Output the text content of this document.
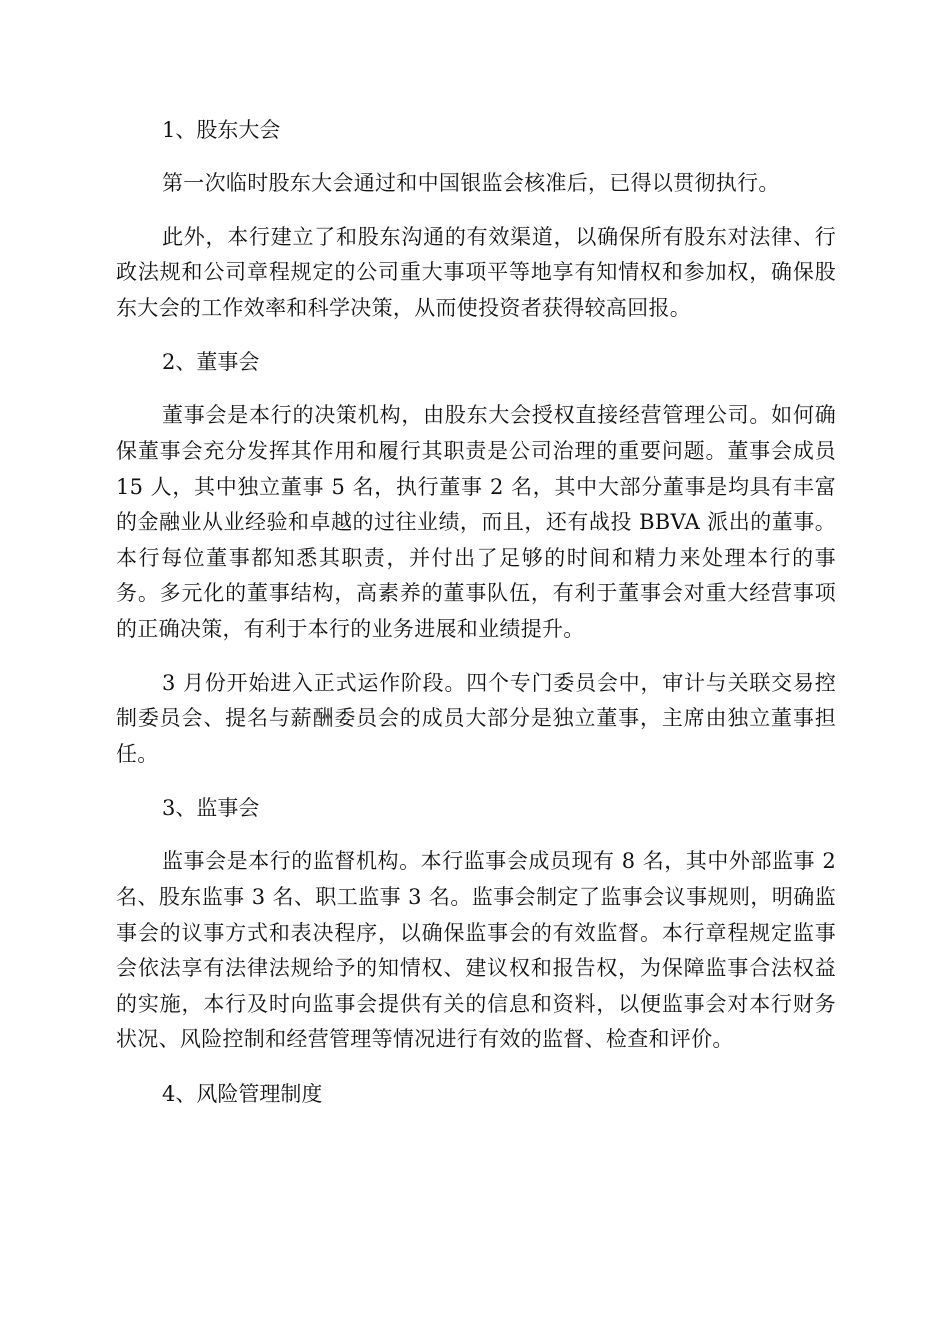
1、股东大会

第一次临时股东大会通过和中国银监会核准后，已得以贯彻执行。

此外，本行建立了和股东沟通的有效渠道，以确保所有股东对法律、行政法规和公司章程规定的公司重大事项平等地享有知情权和参加权，确保股东大会的工作效率和科学决策，从而使投资者获得较高回报。

2、董事会

董事会是本行的决策机构，由股东大会授权直接经营管理公司。如何确保董事会充分发挥其作用和履行其职责是公司治理的重要问题。董事会成员 15 人，其中独立董事 5 名，执行董事 2 名，其中大部分董事是均具有丰富的金融业从业经验和卓越的过往业绩，而且，还有战投 BBVA 派出的董事。本行每位董事都知悉其职责，并付出了足够的时间和精力来处理本行的事务。多元化的董事结构，高素养的董事队伍，有利于董事会对重大经营事项的正确决策，有利于本行的业务进展和业绩提升。

3 月份开始进入正式运作阶段。四个专门委员会中，审计与关联交易控制委员会、提名与薪酬委员会的成员大部分是独立董事，主席由独立董事担任。

3、监事会

监事会是本行的监督机构。本行监事会成员现有 8 名，其中外部监事 2 名、股东监事 3 名、职工监事 3 名。监事会制定了监事会议事规则，明确监事会的议事方式和表决程序，以确保监事会的有效监督。本行章程规定监事会依法享有法律法规给予的知情权、建议权和报告权，为保障监事合法权益的实施，本行及时向监事会提供有关的信息和资料，以便监事会对本行财务状况、风险控制和经营管理等情况进行有效的监督、检查和评价。

4、风险管理制度
